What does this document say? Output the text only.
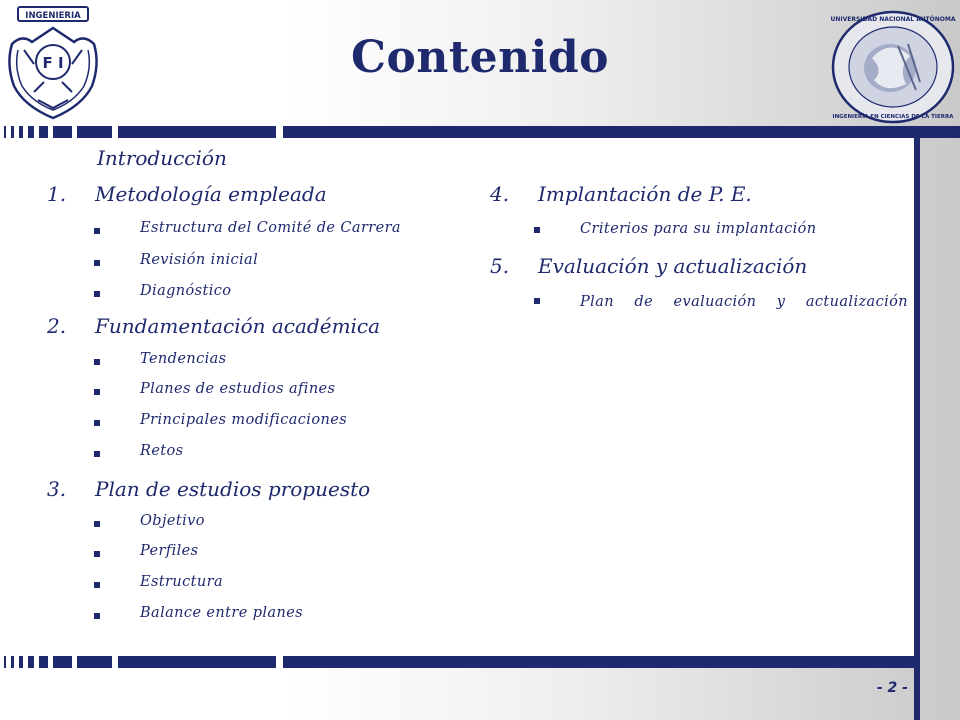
INGENIERIA
F I	Contenido
UNIVERSIDAD NACIONAL AUTÓNOMA
INGENIERÍA EN CIENCIAS DE LA TIERRA
Introducción
1. Metodología empleada
Estructura del Comité de Carrera
Revisión inicial
Diagnóstico
2. Fundamentación académica
Tendencias
Planes de estudios afines
Principales modificaciones
Retos
3. Plan de estudios propuesto
Objetivo
Perfiles
Estructura
Balance entre planes
4. Implantación de P. E.
Criterios para su implantación
5. Evaluación y actualización
Plan de evaluación y actualización
- 2 -
